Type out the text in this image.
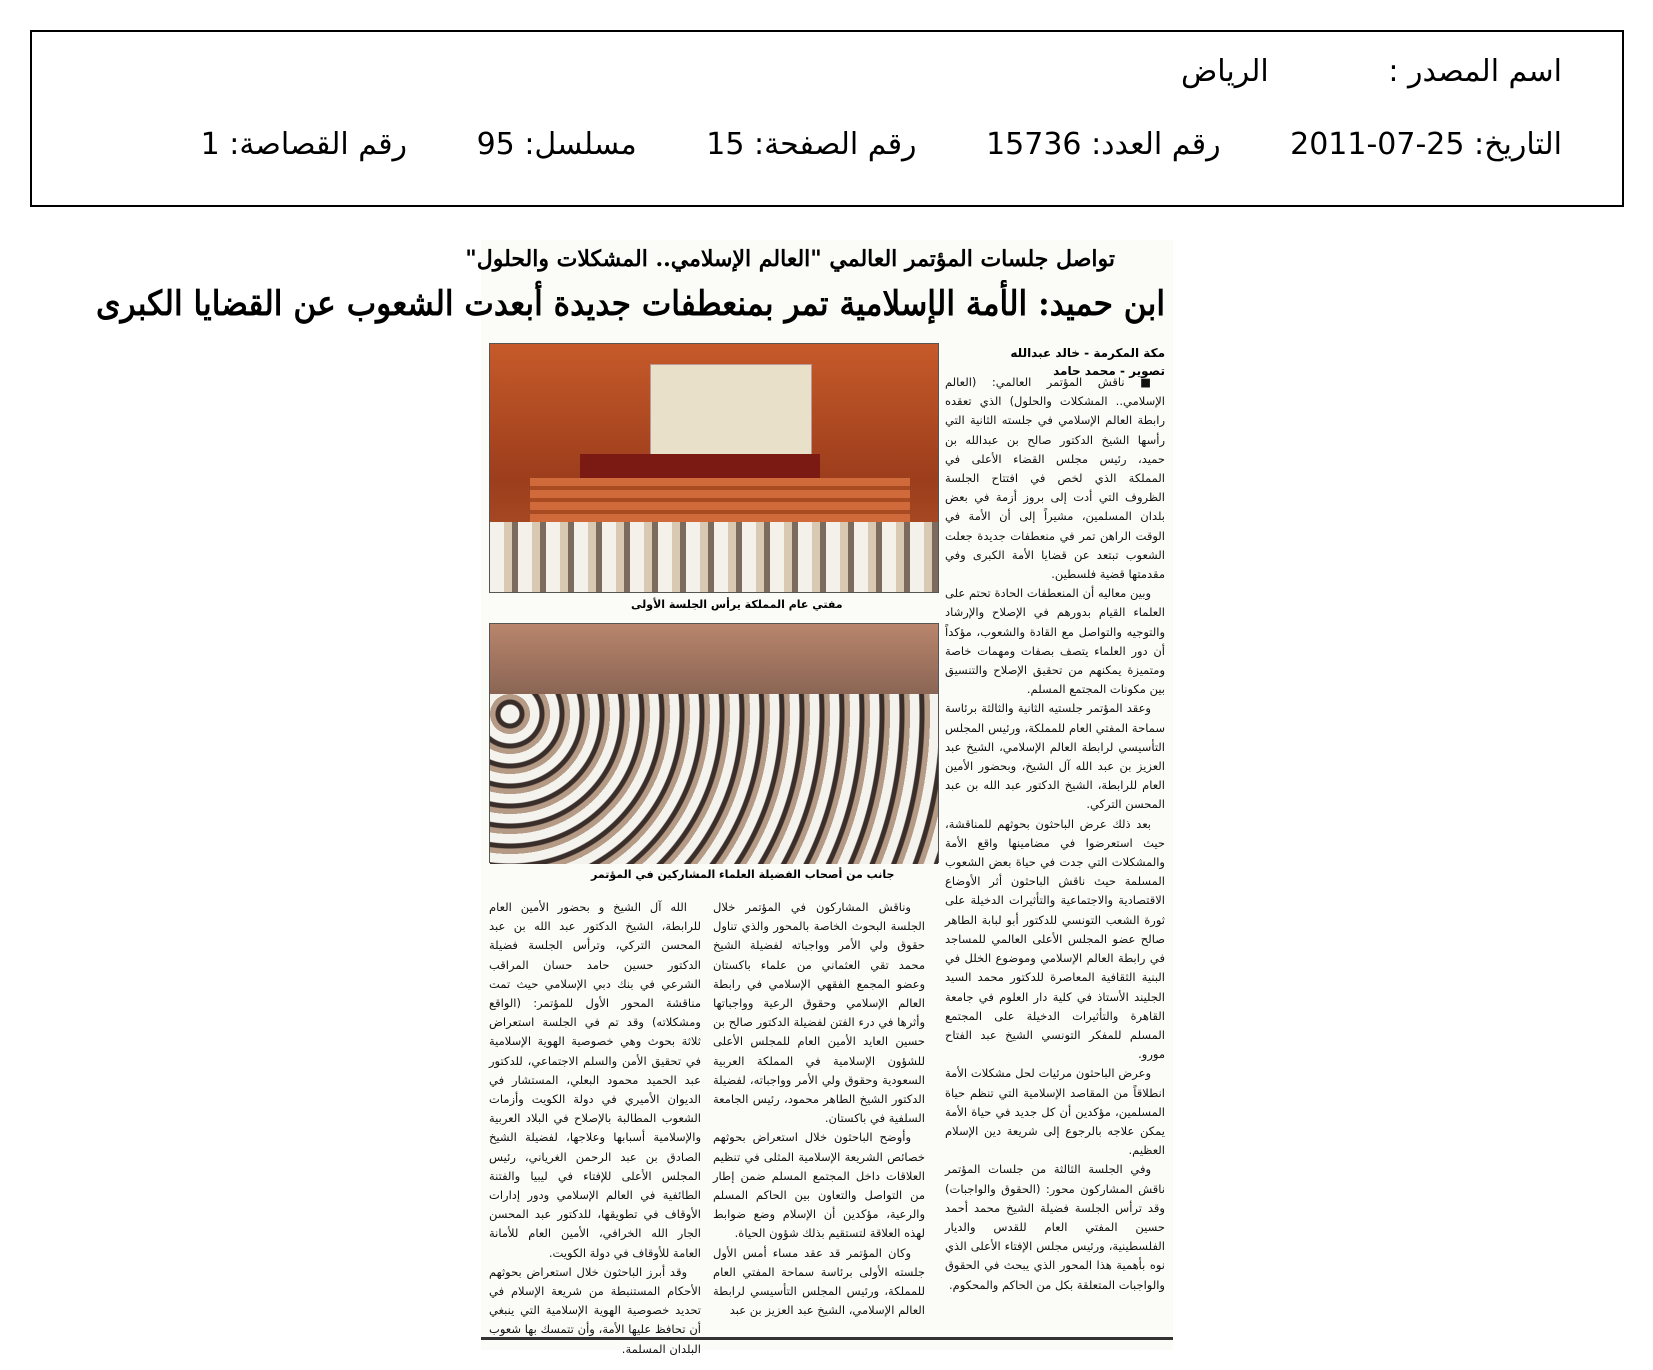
اسم المصدر : الرياض
التاريخ: 2011-07-25 رقم العدد: 15736 رقم الصفحة: 15 مسلسل: 95 رقم القصاصة: 1
تواصل جلسات المؤتمر العالمي "العالم الإسلامي.. المشكلات والحلول"
ابن حميد: الأمة الإسلامية تمر بمنعطفات جديدة أبعدت الشعوب عن القضايا الكبرى
مكة المكرمة - خالد عبدالله
تصوير - محمد حامد
مفتي عام المملكة يرأس الجلسة الأولى
جانب من أصحاب الفضيلة العلماء المشاركين في المؤتمر

■ ناقش المؤتمر العالمي: (العالم الإسلامي.. المشكلات والحلول) الذي تعقده رابطة العالم الإسلامي في جلسته الثانية التي رأسها الشيخ الدكتور صالح بن عبدالله بن حميد، رئيس مجلس القضاء الأعلى في المملكة الذي لخص في افتتاح الجلسة الظروف التي أدت إلى بروز أزمة في بعض بلدان المسلمين، مشيراً إلى أن الأمة في الوقت الراهن تمر في منعطفات جديدة جعلت الشعوب تبتعد عن قضايا الأمة الكبرى وفي مقدمتها قضية فلسطين.

وبين معاليه أن المنعطفات الحادة تحتم على العلماء القيام بدورهم في الإصلاح والإرشاد والتوجيه والتواصل مع القادة والشعوب، مؤكداً أن دور العلماء يتصف بصفات ومهمات خاصة ومتميزة يمكنهم من تحقيق الإصلاح والتنسيق بين مكونات المجتمع المسلم.

وعقد المؤتمر جلستيه الثانية والثالثة برئاسة سماحة المفتي العام للمملكة، ورئيس المجلس التأسيسي لرابطة العالم الإسلامي، الشيخ عبد العزيز بن عبد الله آل الشيخ، وبحضور الأمين العام للرابطة، الشيخ الدكتور عبد الله بن عبد المحسن التركي.

بعد ذلك عرض الباحثون بحوثهم للمناقشة، حيث استعرضوا في مضامينها واقع الأمة والمشكلات التي جدت في حياة بعض الشعوب المسلمة حيث ناقش الباحثون أثر الأوضاع الاقتصادية والاجتماعية والتأثيرات الدخيلة على ثورة الشعب التونسي للدكتور أبو لبابة الطاهر صالح عضو المجلس الأعلى العالمي للمساجد في رابطة العالم الإسلامي وموضوع الخلل في البنية الثقافية المعاصرة للدكتور محمد السيد الجليند الأستاذ في كلية دار العلوم في جامعة القاهرة والتأثيرات الدخيلة على المجتمع المسلم للمفكر التونسي الشيخ عبد الفتاح مورو.

وعرض الباحثون مرئيات لحل مشكلات الأمة انطلاقاً من المقاصد الإسلامية التي تنظم حياة المسلمين، مؤكدين أن كل جديد في حياة الأمة يمكن علاجه بالرجوع إلى شريعة دين الإسلام العظيم.

وفي الجلسة الثالثة من جلسات المؤتمر ناقش المشاركون محور: (الحقوق والواجبات) وقد ترأس الجلسة فضيلة الشيخ محمد أحمد حسين المفتي العام للقدس والديار الفلسطينية، ورئيس مجلس الإفتاء الأعلى الذي نوه بأهمية هذا المحور الذي يبحث في الحقوق والواجبات المتعلقة بكل من الحاكم والمحكوم.

وناقش المشاركون في المؤتمر خلال الجلسة البحوث الخاصة بالمحور والذي تناول حقوق ولي الأمر وواجباته لفضيلة الشيخ محمد تقي العثماني من علماء باكستان وعضو المجمع الفقهي الإسلامي في رابطة العالم الإسلامي وحقوق الرعية وواجباتها وأثرها في درء الفتن لفضيلة الدكتور صالح بن حسين العايد الأمين العام للمجلس الأعلى للشؤون الإسلامية في المملكة العربية السعودية وحقوق ولي الأمر وواجباته، لفضيلة الدكتور الشيخ الطاهر محمود، رئيس الجامعة السلفية في باكستان.

وأوضح الباحثون خلال استعراض بحوثهم خصائص الشريعة الإسلامية المثلى في تنظيم العلاقات داخل المجتمع المسلم ضمن إطار من التواصل والتعاون بين الحاكم المسلم والرعية، مؤكدين أن الإسلام وضع ضوابط لهذه العلاقة لتستقيم بذلك شؤون الحياة.

وكان المؤتمر قد عقد مساء أمس الأول جلسته الأولى برئاسة سماحة المفتي العام للمملكة، ورئيس المجلس التأسيسي لرابطة العالم الإسلامي، الشيخ عبد العزيز بن عبد

الله آل الشيخ و بحضور الأمين العام للرابطة، الشيخ الدكتور عبد الله بن عبد المحسن التركي، وترأس الجلسة فضيلة الدكتور حسين حامد حسان المراقب الشرعي في بنك دبي الإسلامي حيث تمت مناقشة المحور الأول للمؤتمر: (الواقع ومشكلاته) وقد تم في الجلسة استعراض ثلاثة بحوث وهي خصوصية الهوية الإسلامية في تحقيق الأمن والسلم الاجتماعي، للدكتور عبد الحميد محمود البعلي، المستشار في الديوان الأميري في دولة الكويت وأزمات الشعوب المطالبة بالإصلاح في البلاد العربية والإسلامية أسبابها وعلاجها، لفضيلة الشيخ الصادق بن عبد الرحمن الغرياني، رئيس المجلس الأعلى للإفتاء في ليبيا والفتنة الطائفية في العالم الإسلامي ودور إدارات الأوقاف في تطويقها، للدكتور عبد المحسن الجار الله الخرافي، الأمين العام للأمانة العامة للأوقاف في دولة الكويت.

وقد أبرز الباحثون خلال استعراض بحوثهم الأحكام المستنبطة من شريعة الإسلام في تحديد خصوصية الهوية الإسلامية التي ينبغي أن تحافظ عليها الأمة، وأن تتمسك بها شعوب البلدان المسلمة.
